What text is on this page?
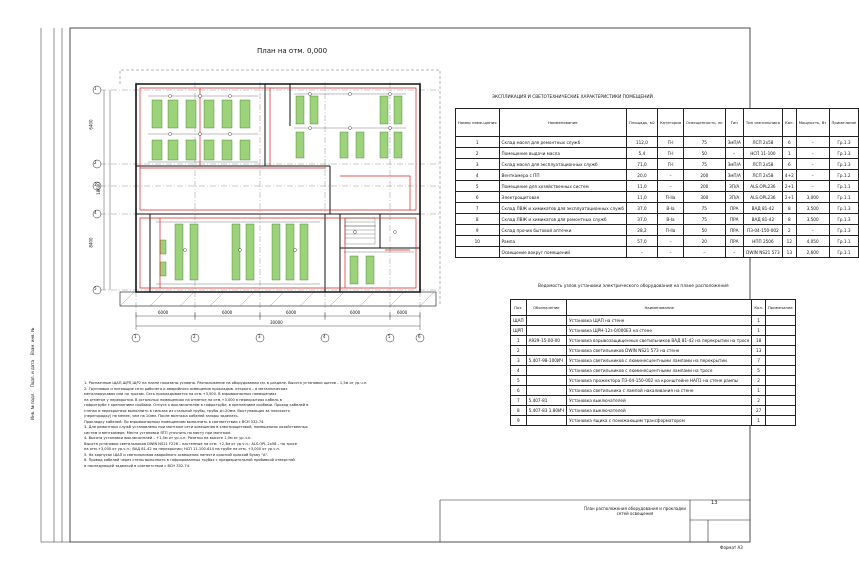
План на отм. 0,000
1
2
3
4
5
1	2	3	4	5	6
6000	6000	6000	6000	6000
30000
6400
8400
18600
ЭКСПЛИКАЦИЯ И СВЕТОТЕХНИЧЕСКИЕ ХАРАКТЕРИСТИКИ ПОМЕЩЕНИЙ
Номер поме-щения	Наименование	Площадь, м2	Категория	Освещенность, лк	Тип	Тип светильника	Кол.	Мощность, Вт	Примечание
1	Склад масел для ремонтных служб	112,0	П-I	75	ЗмП/А	ЛСП 2х58	6	–	Гр.1.3
2	Помещение выдачи масла	5,4	П-I	50	–	НСП 11-100	1	–	Гр.1.3
3	Склад масел для эксплуатационных служб	71,0	П-I	75	ЗмП/А	ЛСП 2х58	6	–	Гр.1.3
4	Венткамера с ПП	20,0	–	200	ЗмП/А	ЛСП 2х58	4+2	–	Гр.1.2
5	Помещение для хозяйственных систем	11,0	–	200	ЗП/А	ALS.OPL236	2+1	–	Гр.1.1
6	Электрощитовая	11,0	П-IIа	300	ЗП/А	ALS.OPL236	2+1	3,000	Гр.1.1
7	Склад ЛВЖ и химикатов для эксплуатационных служб	37,0	В-Iа	75	ПРА	ВАД 81-42	8	3,500	Гр.1.3
8	Склад ЛВЖ и химикатов для ремонтных служб	37,0	В-Iа	75	ПРА	ВАД 81-42	8	3,500	Гр.1.3
9	Склад прочих бытовой аптечки	28,2	П-IIа	50	ПРА	ПЗ-04-150-002	2	–	Гр.1.3
10	Рампа	57,0	–	20	ПРА	НПП 2506	12	4,050	Гр.1.1
	Освещение вокруг помещений	–	–	–	–	DWIN NS21 573	13	2,600	Гр.1.1
Ведомость узлов установки электрического оборудования на плане расположения
Поз.	Обозначение	Наименование	Кол.	Примечание
ЩАП		Установка ЩАП на стене	1	
ЩРП		Установка ЩРН-12з-0/000ЕЗ на стене	1	
1	А929-15-00-00	Установка взрывозащищенных светильников ВАД 81-42 на перекрытии на тросе	18	
2		Установка светильников DWIN NS21 573 на стене	13	
3	5.407-98-100ИЧ	Установка светильников с люминесцентными лампами на перекрытии	7	
4		Установка светильников с люминесцентными лампами на тросе	5	
5		Установка прожектора ПЗ-04-150-002 на кронштейне НАП1 на стене рампы	2	
6		Установка светильника с лампой накаливания на стене	1	
7	5.407-81	Установка выключателей	2	
8	5.407-83 1.80ИЧ	Установка выключателей	27	
9		Установка ящика с понижающим трансформатором	1	

1. Распаечные ЩАП,ЩРП,ЩР2 на плане показаны условно. Расположение на оборудовании см. в разделе. Высота установки щитов – 1,5м от ур.ч.п.

2. Групповые и питающие сети рабочего и аварийного освещения прокладыв. открыто – в металлических

металлорукавах или по тросам. Сеть прокладывается на отм.+3,500. В взрывоопасных помещениях

на отметке у перекрытия. В остальных помещениях на отметке на отм.+3.000 в перекрытиях кабель в

гофротрубе с креплением скобами. Отпуск к выключателям в гофротрубе, в креплением скобами. Проход кабелей в

стенах и перекрытиях выполнить в гильзах из стальной трубы, трубы д=20мм. Выступающих за плоскость

(перегородку) не менее, чем на 10мм. После монтажа кабелей зазоры заделать.

Прокладку кабелей. По взрывоопасным помещениям выполнить в соответствии с ВСН 332-74.

3. Для ремонтных служб установлены при монтаже сети освещения в электрощитовой, помещениях хозяйственных

систем и венткамере. Места установки ЯТП уточнить по месту при монтаже.

4. Высота установки выключателей – +1,5м от ур.ч.п. Розетки на высоте 1,0м от ур.ч.п.

Высота установки светильников DWIN NS21 F226 – настенные на отм. +2,3м от ур.ч.п.; ALS.OPL 2x58 – на тросе

на отм.+3,000 от ур.ч.п.; ВАД 81-42 на перекрытии; НСП 11-100-614 на трубе на отм. +3,000 от ур.ч.п.

5. На корпусах ЩАП и светильников аварийного освещения нанести красной краской букву "А".

6. Провод кабелей через стены выполнить в гофрированных трубах с предварительной пробивкой отверстий

и последующей заделкой в соответствии с ВСН 332-74.

Инв. № подл.    Подп. и дата    Взам. инв. №
План расположения оборудования и прокладки сетей освещения
13
Формат А3
